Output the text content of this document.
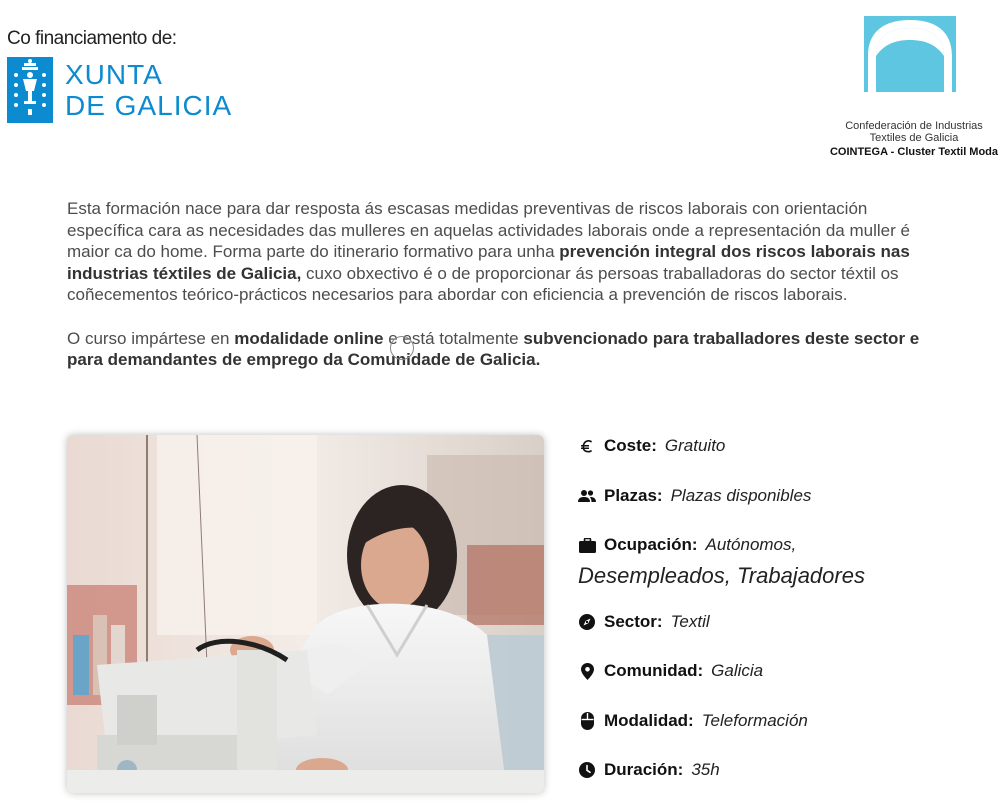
Co financiamento de:
XUNTA
DE GALICIA
Confederación de Industrias
Textiles de Galicia
COINTEGA - Cluster Textil Moda

Esta formación nace para dar resposta ás escasas medidas preventivas de riscos laborais con orientación específica cara as necesidades das mulleres en aquelas actividades laborais onde a representación da muller é maior ca do home. Forma parte do itinerario formativo para unha prevención integral dos riscos laborais nas industrias téxtiles de Galicia, cuxo obxectivo é o de proporcionar ás persoas traballadoras do sector téxtil os coñecementos teórico-prácticos necesarios para abordar con eficiencia a prevención de riscos laborais.

O curso impártese en modalidade online e está totalmente subvencionado para traballadores deste sector e para demandantes de emprego da Comunidade de Galicia.

Coste: Gratuito
Plazas: Plazas disponibles
Ocupación: Autónomos,
Desempleados, Trabajadores
Sector: Textil
Comunidad: Galicia
Modalidad: Teleformación
Duración: 35h
